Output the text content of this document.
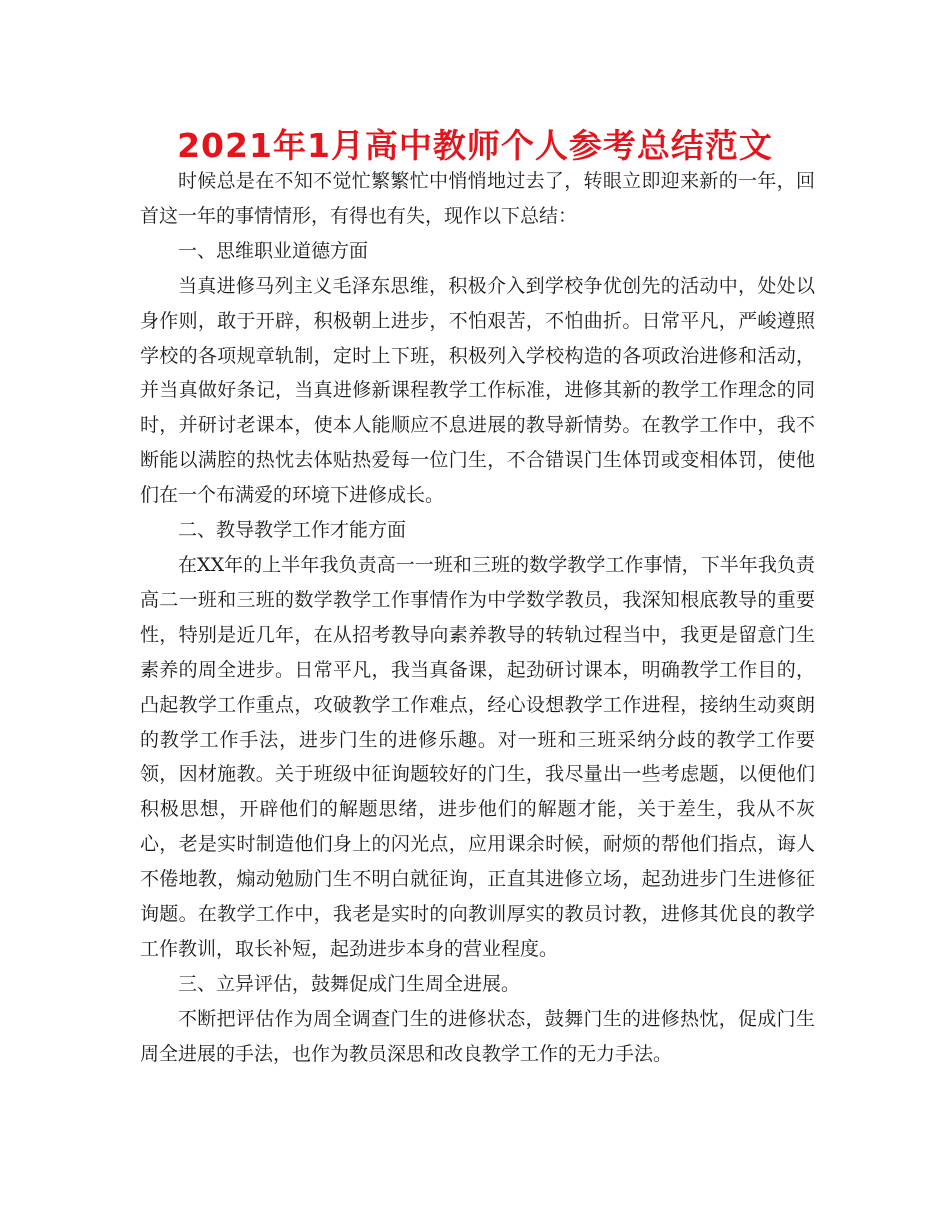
2021年1月高中教师个人参考总结范文

时候总是在不知不觉忙繁繁忙中悄悄地过去了，转眼立即迎来新的一年，回首这一年的事情情形，有得也有失，现作以下总结：

一、思维职业道德方面

当真进修马列主义毛泽东思维，积极介入到学校争优创先的活动中，处处以身作则，敢于开辟，积极朝上进步，不怕艰苦，不怕曲折。日常平凡，严峻遵照学校的各项规章轨制，定时上下班，积极列入学校构造的各项政治进修和活动，并当真做好条记，当真进修新课程教学工作标准，进修其新的教学工作理念的同时，并研讨老课本，使本人能顺应不息进展的教导新情势。在教学工作中，我不断能以满腔的热忱去体贴热爱每一位门生，不合错误门生体罚或变相体罚，使他们在一个布满爱的环境下进修成长。

二、教导教学工作才能方面

在XX年的上半年我负责高一一班和三班的数学教学工作事情，下半年我负责高二一班和三班的数学教学工作事情作为中学数学教员，我深知根底教导的重要性，特别是近几年，在从招考教导向素养教导的转轨过程当中，我更是留意门生素养的周全进步。日常平凡，我当真备课，起劲研讨课本，明确教学工作目的，凸起教学工作重点，攻破教学工作难点，经心设想教学工作进程，接纳生动爽朗的教学工作手法，进步门生的进修乐趣。对一班和三班采纳分歧的教学工作要领，因材施教。关于班级中征询题较好的门生，我尽量出一些考虑题，以便他们积极思想，开辟他们的解题思绪，进步他们的解题才能，关于差生，我从不灰心，老是实时制造他们身上的闪光点，应用课余时候，耐烦的帮他们指点，诲人不倦地教，煽动勉励门生不明白就征询，正直其进修立场，起劲进步门生进修征询题。在教学工作中，我老是实时的向教训厚实的教员讨教，进修其优良的教学工作教训，取长补短，起劲进步本身的营业程度。

三、立异评估，鼓舞促成门生周全进展。

不断把评估作为周全调查门生的进修状态，鼓舞门生的进修热忱，促成门生周全进展的手法，也作为教员深思和改良教学工作的无力手法。
